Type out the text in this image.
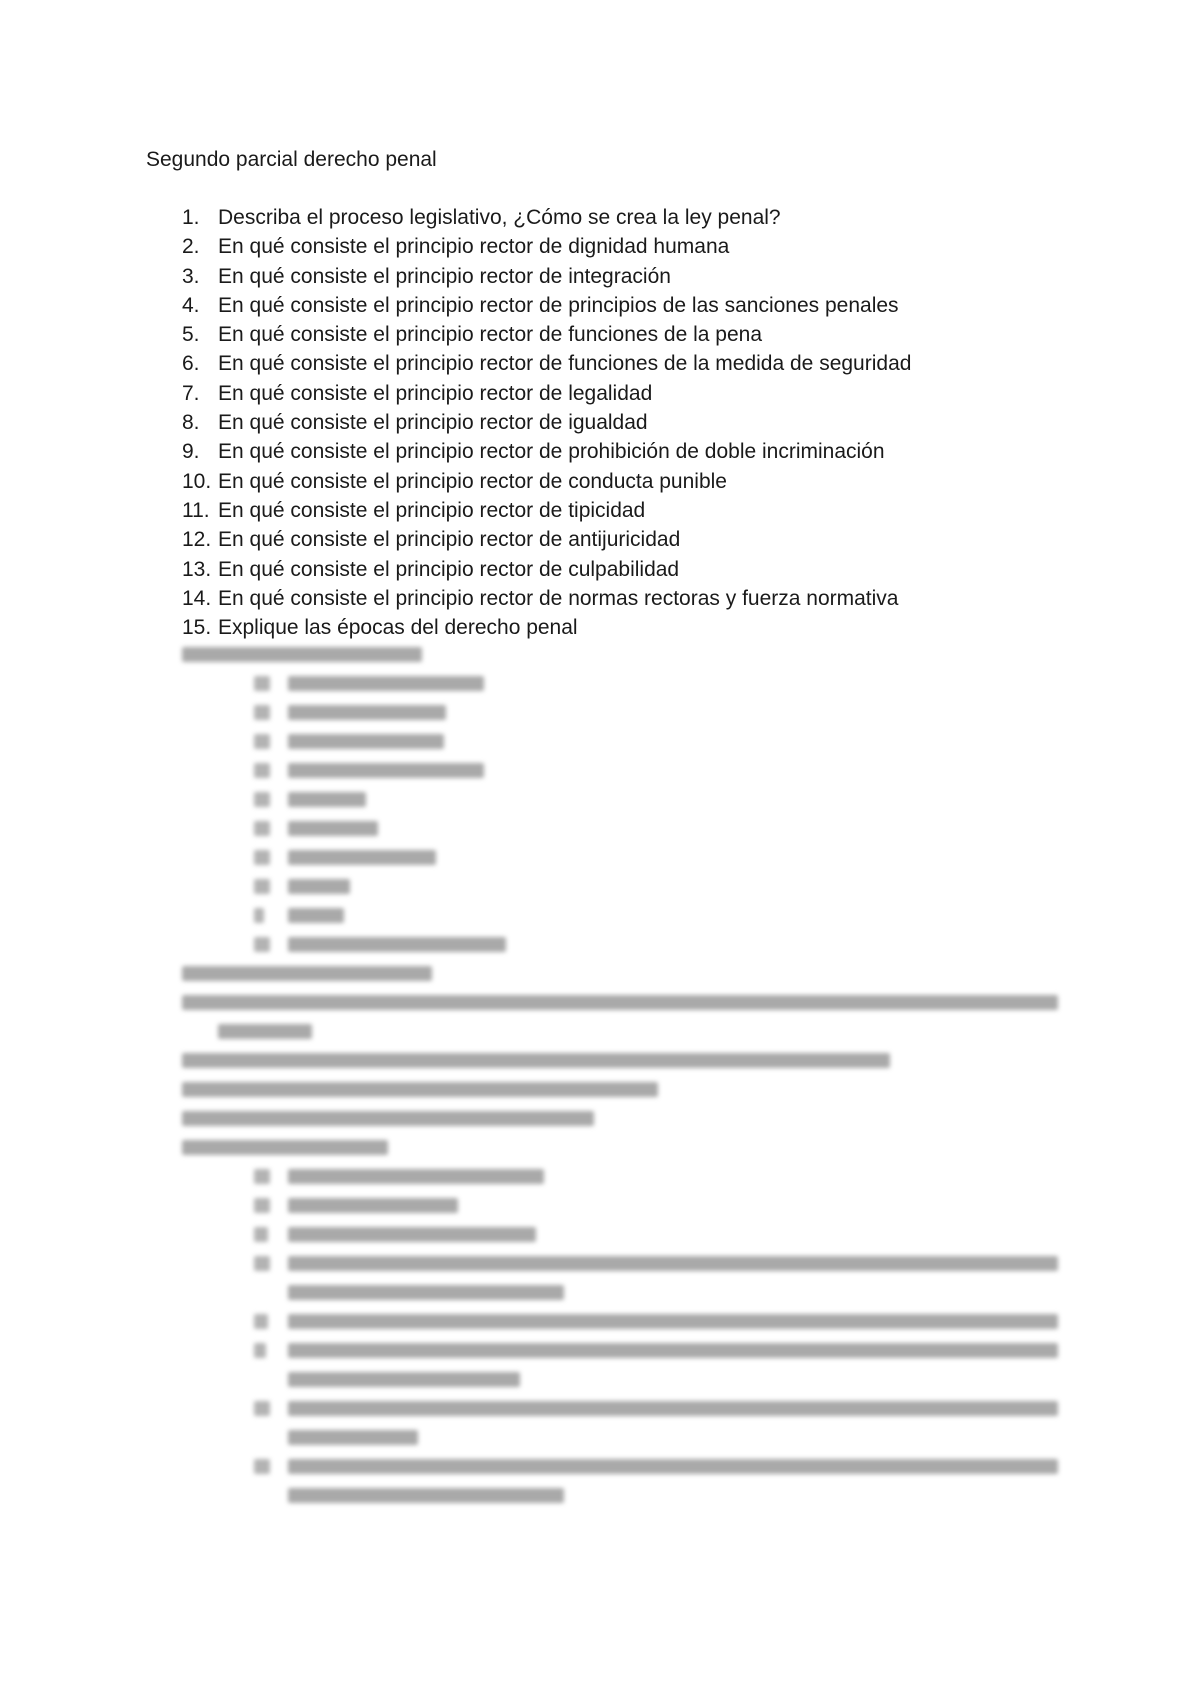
Segundo parcial derecho penal
1. Describa el proceso legislativo, ¿Cómo se crea la ley penal?
2. En qué consiste el principio rector de dignidad humana
3. En qué consiste el principio rector de integración
4. En qué consiste el principio rector de principios de las sanciones penales
5. En qué consiste el principio rector de funciones de la pena
6. En qué consiste el principio rector de funciones de la medida de seguridad
7. En qué consiste el principio rector de legalidad
8. En qué consiste el principio rector de igualdad
9. En qué consiste el principio rector de prohibición de doble incriminación
10. En qué consiste el principio rector de conducta punible
11. En qué consiste el principio rector de tipicidad
12. En qué consiste el principio rector de antijuricidad
13. En qué consiste el principio rector de culpabilidad
14. En qué consiste el principio rector de normas rectoras y fuerza normativa
15. Explique las épocas del derecho penal
